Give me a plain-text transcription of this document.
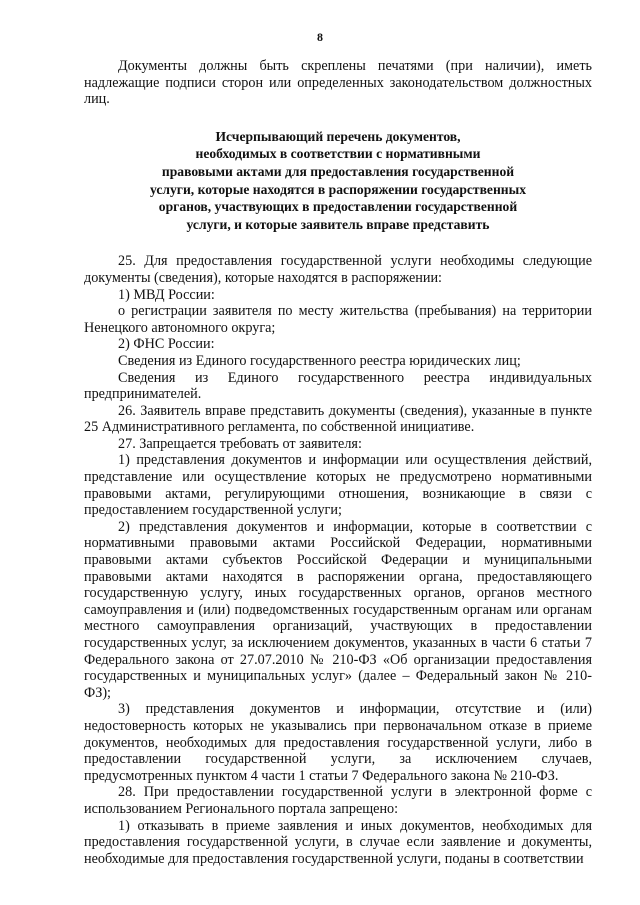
8

Документы должны быть скреплены печатями (при наличии), иметь надлежащие подписи сторон или определенных законодательством должностных лиц.

Исчерпывающий перечень документов,
необходимых в соответствии с нормативными
правовыми актами для предоставления государственной
услуги, которые находятся в распоряжении государственных
органов, участвующих в предоставлении государственной
услуги, и которые заявитель вправе представить

25. Для предоставления государственной услуги необходимы следующие документы (сведения), которые находятся в распоряжении:

1) МВД России:

о регистрации заявителя по месту жительства (пребывания) на территории Ненецкого автономного округа;

2) ФНС России:

Сведения из Единого государственного реестра юридических лиц;

Сведения из Единого государственного реестра индивидуальных предпринимателей.

26. Заявитель вправе представить документы (сведения), указанные в пункте 25 Административного регламента, по собственной инициативе.

27. Запрещается требовать от заявителя:

1) представления документов и информации или осуществления действий, представление или осуществление которых не предусмотрено нормативными правовыми актами, регулирующими отношения, возникающие в связи с предоставлением государственной услуги;

2) представления документов и информации, которые в соответствии с нормативными правовыми актами Российской Федерации, нормативными правовыми актами субъектов Российской Федерации и муниципальными правовыми актами находятся в распоряжении органа, предоставляющего государственную услугу, иных государственных органов, органов местного самоуправления и (или) подведомственных государственным органам или органам местного самоуправления организаций, участвующих в предоставлении государственных услуг, за исключением документов, указанных в части 6 статьи 7 Федерального закона от 27.07.2010 № 210-ФЗ «Об организации предоставления государственных и муниципальных услуг» (далее – Федеральный закон № 210-ФЗ);

3) представления документов и информации, отсутствие и (или) недостоверность которых не указывались при первоначальном отказе в приеме документов, необходимых для предоставления государственной услуги, либо в предоставлении государственной услуги, за исключением случаев, предусмотренных пунктом 4 части 1 статьи 7 Федерального закона № 210-ФЗ.

28. При предоставлении государственной услуги в электронной форме с использованием Регионального портала запрещено:

1) отказывать в приеме заявления и иных документов, необходимых для предоставления государственной услуги, в случае если заявление и документы, необходимые для предоставления государственной услуги, поданы в соответствии
